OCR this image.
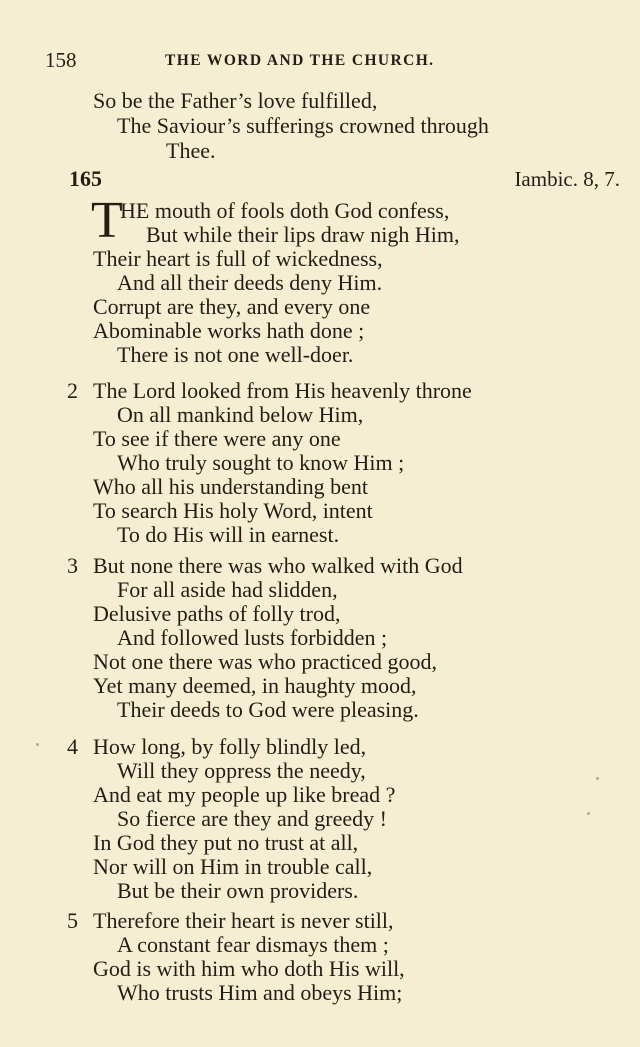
158	THE WORD AND THE CHURCH.
So be the Father’s love fulfilled,
The Saviour’s sufferings crowned through
Thee.
165	Iambic. 8, 7.
T
HE mouth of fools doth God confess,
But while their lips draw nigh Him,
Their heart is full of wickedness,
And all their deeds deny Him.
Corrupt are they, and every one
Abominable works hath done ;
There is not one well-doer.
2 The Lord looked from His heavenly throne
On all mankind below Him,
To see if there were any one
Who truly sought to know Him ;
Who all his understanding bent
To search His holy Word, intent
To do His will in earnest.
3 But none there was who walked with God
For all aside had slidden,
Delusive paths of folly trod,
And followed lusts forbidden ;
Not one there was who practiced good,
Yet many deemed, in haughty mood,
Their deeds to God were pleasing.
4 How long, by folly blindly led,
Will they oppress the needy,
And eat my people up like bread ?
So fierce are they and greedy !
In God they put no trust at all,
Nor will on Him in trouble call,
But be their own providers.
5 Therefore their heart is never still,
A constant fear dismays them ;
God is with him who doth His will,
Who trusts Him and obeys Him;
